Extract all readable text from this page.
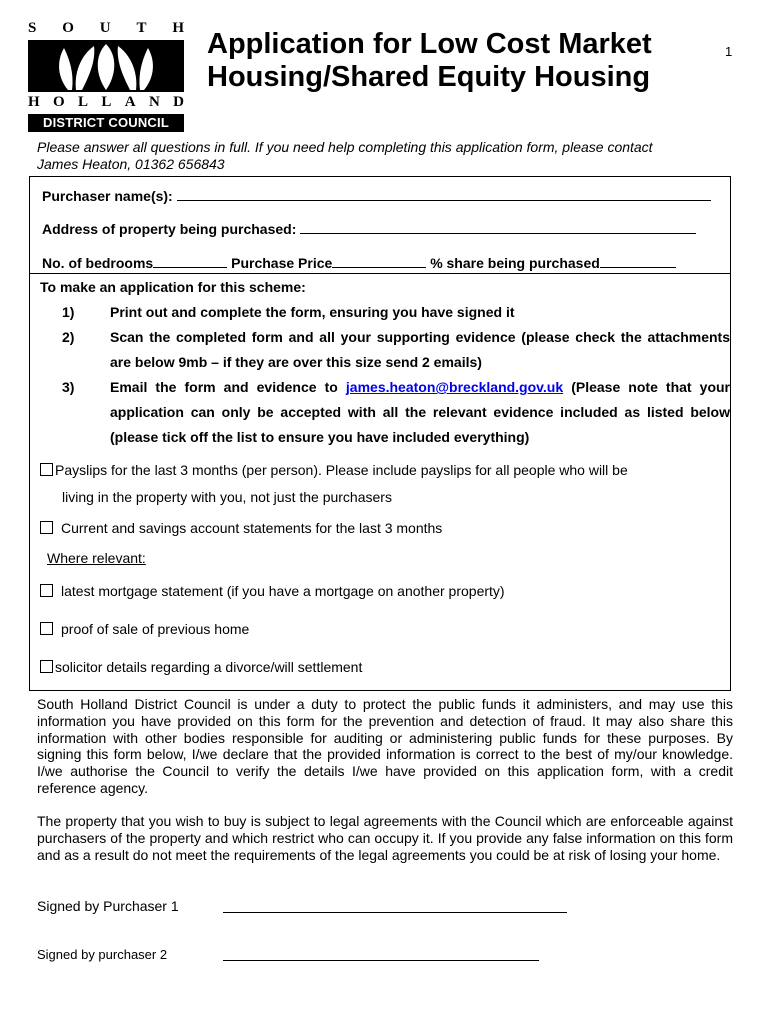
S O U T H
H O L L A N D
DISTRICT COUNCIL
Application for Low Cost Market
Housing/Shared Equity Housing
1
Please answer all questions in full. If you need help completing this application form, please contact
James Heaton, 01362 656843
Purchaser name(s):
Address of property being purchased:
No. of bedrooms	Purchase Price	% share being purchased
To make an application for this scheme:
1)	Print out and complete the form, ensuring you have signed it
2)	Scan the completed form and all your supporting evidence (please check the attachments are below 9mb – if they are over this size send 2 emails)
3)	Email the form and evidence to james.heaton@breckland.gov.uk (Please note that your application can only be accepted with all the relevant evidence included as listed below (please tick off the list to ensure you have included everything)
Payslips for the last 3 months (per person). Please include payslips for all people who will be
living in the property with you, not just the purchasers
Current and savings account statements for the last 3 months
Where relevant:
latest mortgage statement (if you have a mortgage on another property)
proof of sale of previous home
solicitor details regarding a divorce/will settlement
South Holland District Council is under a duty to protect the public funds it administers, and may use this information you have provided on this form for the prevention and detection of fraud. It may also share this information with other bodies responsible for auditing or administering public funds for these purposes. By signing this form below, I/we declare that the provided information is correct to the best of my/our knowledge. I/we authorise the Council to verify the details I/we have provided on this application form, with a credit reference agency.
The property that you wish to buy is subject to legal agreements with the Council which are enforceable against purchasers of the property and which restrict who can occupy it. If you provide any false information on this form and as a result do not meet the requirements of the legal agreements you could be at risk of losing your home.
Signed by Purchaser 1
Signed by purchaser 2
